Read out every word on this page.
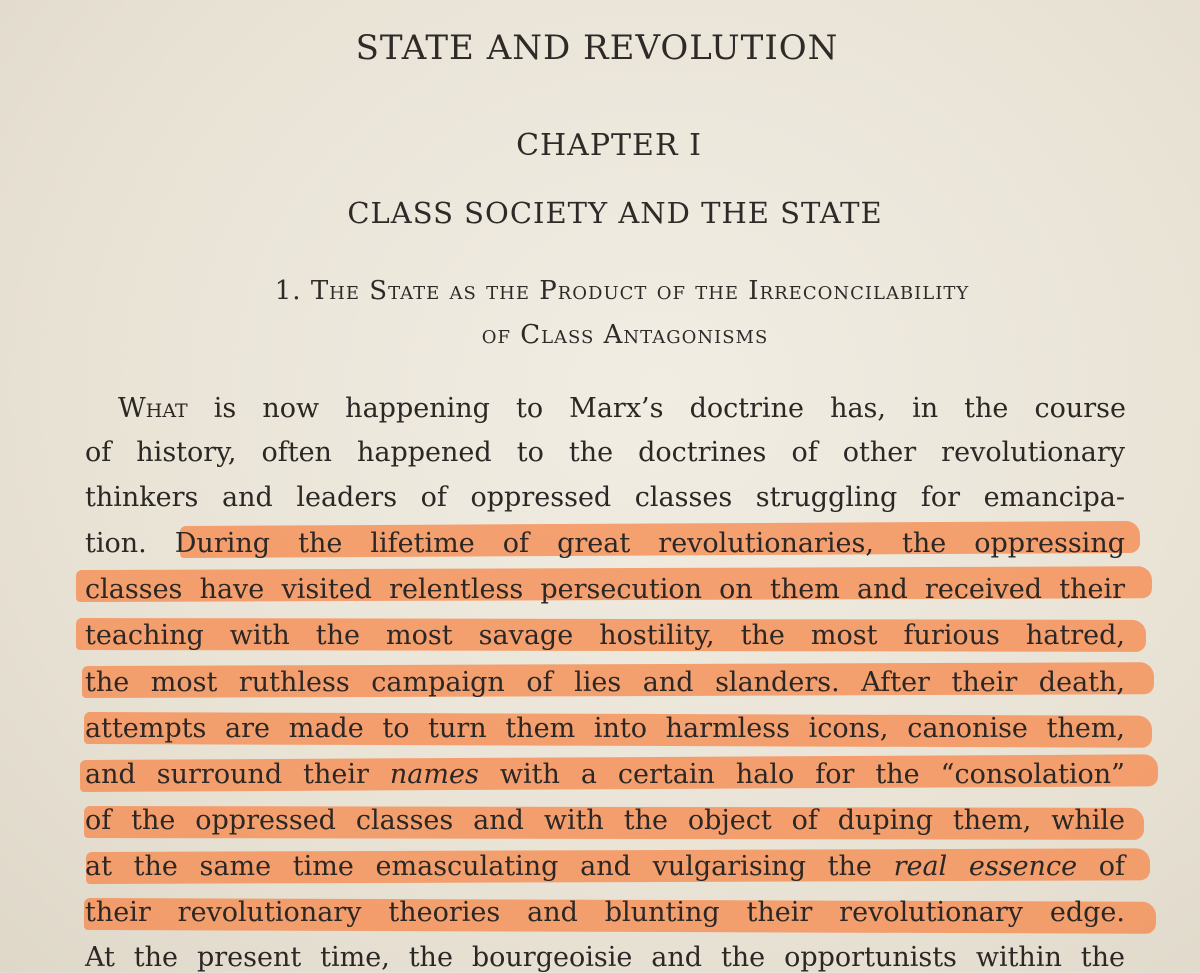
STATE AND REVOLUTION
CHAPTER I
CLASS SOCIETY AND THE STATE
1. The State as the Product of the Irreconcilability
of Class Antagonisms
What is now happening to Marx’s doctrine has, in the course
of history, often happened to the doctrines of other revolutionary
thinkers and leaders of oppressed classes struggling for emancipa-
tion. During the lifetime of great revolutionaries, the oppressing
classes have visited relentless persecution on them and received their
teaching with the most savage hostility, the most furious hatred,
the most ruthless campaign of lies and slanders. After their death,
attempts are made to turn them into harmless icons, canonise them,
and surround their names with a certain halo for the “consolation”
of the oppressed classes and with the object of duping them, while
at the same time emasculating and vulgarising the real essence of
their revolutionary theories and blunting their revolutionary edge.
At the present time, the bourgeoisie and the opportunists within the
